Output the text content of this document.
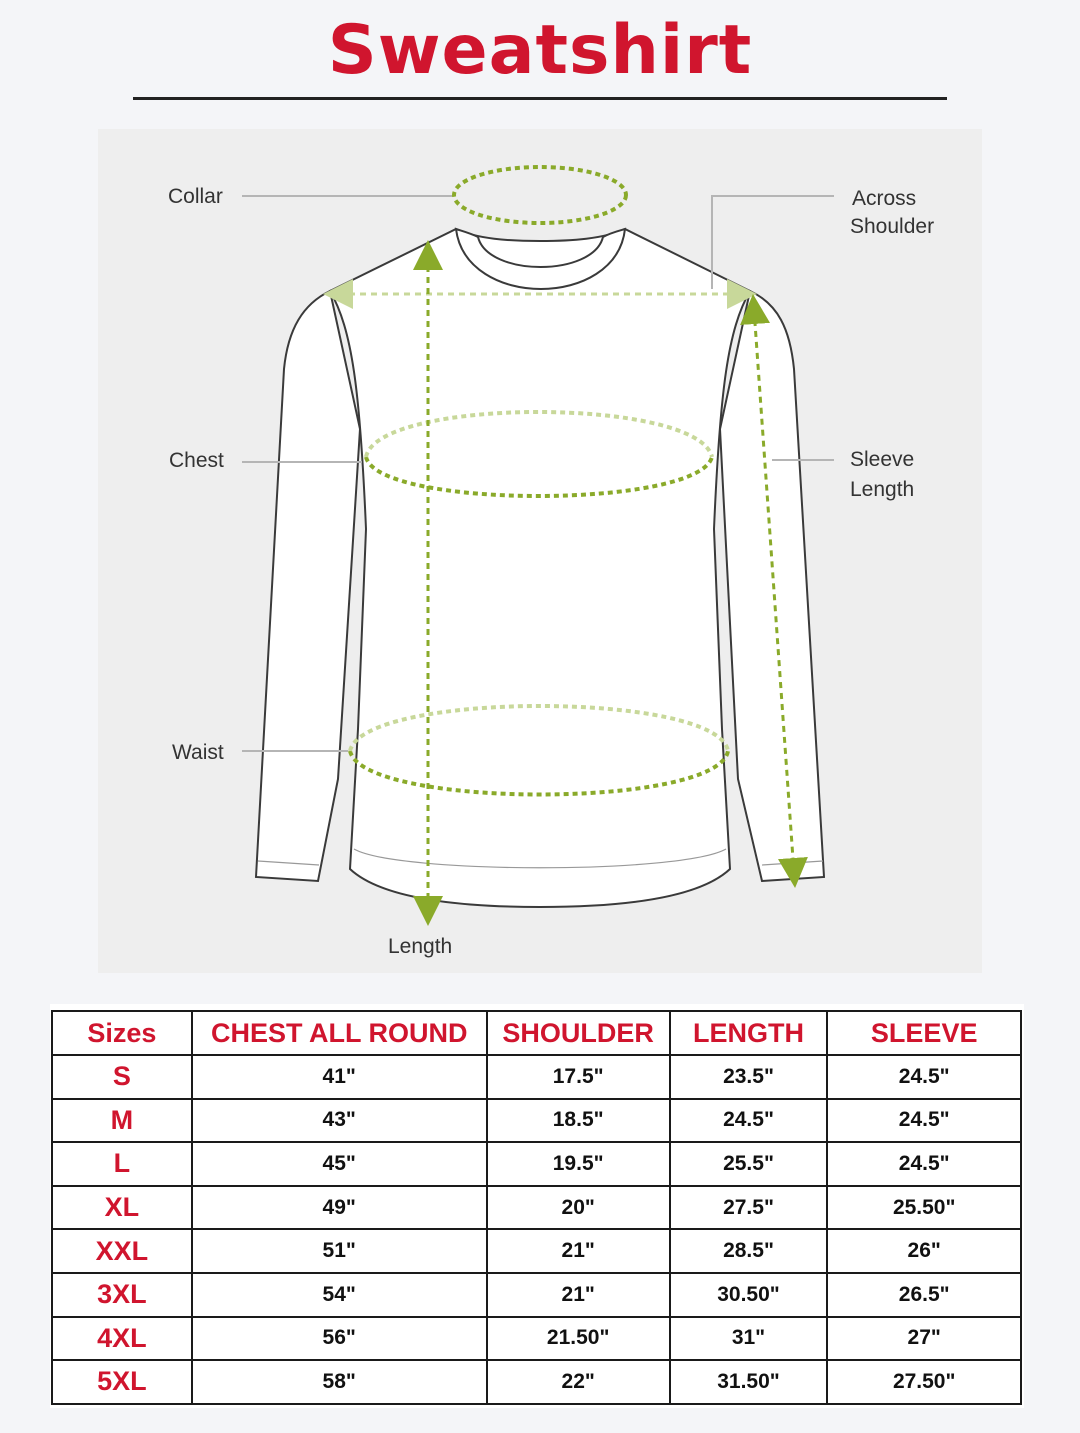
Sweatshirt
Collar	Across
Shoulder
Chest	Sleeve
Length
Waist
Length
Sizes	CHEST ALL ROUND	SHOULDER	LENGTH	SLEEVE
S	41"	17.5"	23.5"	24.5"
M	43"	18.5"	24.5"	24.5"
L	45"	19.5"	25.5"	24.5"
XL	49"	20"	27.5"	25.50"
XXL	51"	21"	28.5"	26"
3XL	54"	21"	30.50"	26.5"
4XL	56"	21.50"	31"	27"
5XL	58"	22"	31.50"	27.50"
